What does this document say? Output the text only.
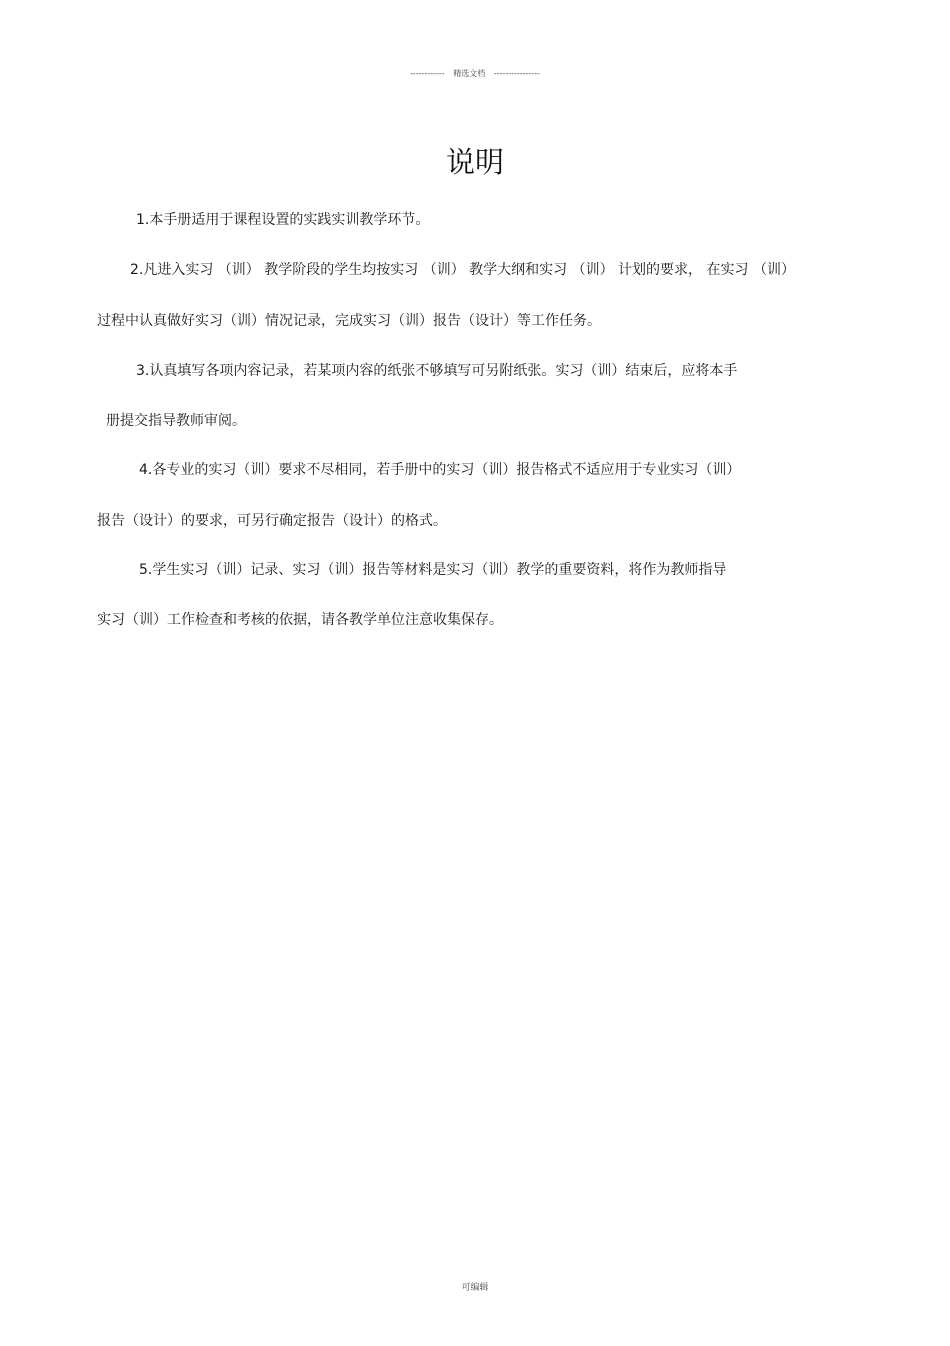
------------ 精选文档 ----------------
说明
1.本手册适用于课程设置的实践实训教学环节。
2.凡进入实习 （训） 教学阶段的学生均按实习 （训） 教学大纲和实习 （训） 计划的要求， 在实习 （训）
过程中认真做好实习（训）情况记录，完成实习（训）报告（设计）等工作任务。
3.认真填写各项内容记录，若某项内容的纸张不够填写可另附纸张。实习（训）结束后，应将本手
册提交指导教师审阅。
4.各专业的实习（训）要求不尽相同，若手册中的实习（训）报告格式不适应用于专业实习（训）
报告（设计）的要求，可另行确定报告（设计）的格式。
5.学生实习（训）记录、实习（训）报告等材料是实习（训）教学的重要资料，将作为教师指导
实习（训）工作检查和考核的依据，请各教学单位注意收集保存。
可编辑
